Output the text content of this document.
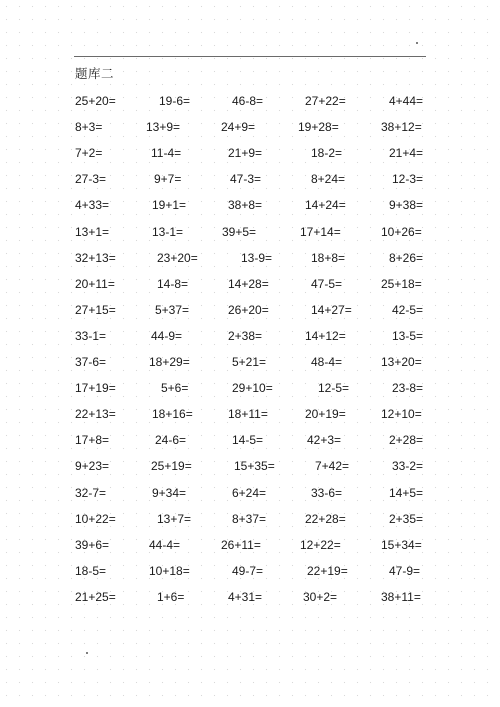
题库二
25+20=	19-6=	46-8=	27+22=	4+44=
8+3=	13+9=	24+9=	19+28=	38+12=
7+2=	11-4=	21+9=	18-2=	21+4=
27-3=	9+7=	47-3=	8+24=	12-3=
4+33=	19+1=	38+8=	14+24=	9+38=
13+1=	13-1=	39+5=	17+14=	10+26=
32+13=	23+20=	13-9=	18+8=	8+26=
20+11=	14-8=	14+28=	47-5=	25+18=
27+15=	5+37=	26+20=	14+27=	42-5=
33-1=	44-9=	2+38=	14+12=	13-5=
37-6=	18+29=	5+21=	48-4=	13+20=
17+19=	5+6=	29+10=	12-5=	23-8=
22+13=	18+16=	18+11=	20+19=	12+10=
17+8=	24-6=	14-5=	42+3=	2+28=
9+23=	25+19=	15+35=	7+42=	33-2=
32-7=	9+34=	6+24=	33-6=	14+5=
10+22=	13+7=	8+37=	22+28=	2+35=
39+6=	44-4=	26+11=	12+22=	15+34=
18-5=	10+18=	49-7=	22+19=	47-9=
21+25=	1+6=	4+31=	30+2=	38+11=
